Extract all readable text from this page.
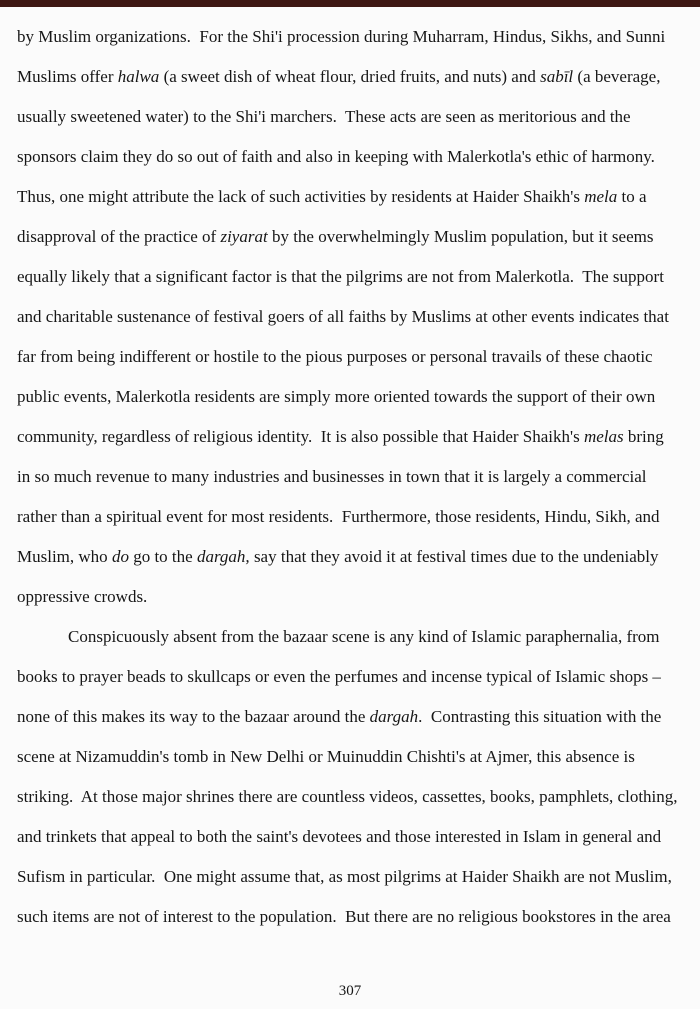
by Muslim organizations.  For the Shi'i procession during Muharram, Hindus, Sikhs, and Sunni
Muslims offer halwa (a sweet dish of wheat flour, dried fruits, and nuts) and sabīl (a beverage,
usually sweetened water) to the Shi'i marchers.  These acts are seen as meritorious and the
sponsors claim they do so out of faith and also in keeping with Malerkotla's ethic of harmony.
Thus, one might attribute the lack of such activities by residents at Haider Shaikh's mela to a
disapproval of the practice of ziyarat by the overwhelmingly Muslim population, but it seems
equally likely that a significant factor is that the pilgrims are not from Malerkotla.  The support
and charitable sustenance of festival goers of all faiths by Muslims at other events indicates that
far from being indifferent or hostile to the pious purposes or personal travails of these chaotic
public events, Malerkotla residents are simply more oriented towards the support of their own
community, regardless of religious identity.  It is also possible that Haider Shaikh's melas bring
in so much revenue to many industries and businesses in town that it is largely a commercial
rather than a spiritual event for most residents.  Furthermore, those residents, Hindu, Sikh, and
Muslim, who do go to the dargah, say that they avoid it at festival times due to the undeniably
oppressive crowds.
Conspicuously absent from the bazaar scene is any kind of Islamic paraphernalia, from
books to prayer beads to skullcaps or even the perfumes and incense typical of Islamic shops –
none of this makes its way to the bazaar around the dargah.  Contrasting this situation with the
scene at Nizamuddin's tomb in New Delhi or Muinuddin Chishti's at Ajmer, this absence is
striking.  At those major shrines there are countless videos, cassettes, books, pamphlets, clothing,
and trinkets that appeal to both the saint's devotees and those interested in Islam in general and
Sufism in particular.  One might assume that, as most pilgrims at Haider Shaikh are not Muslim,
such items are not of interest to the population.  But there are no religious bookstores in the area
307
